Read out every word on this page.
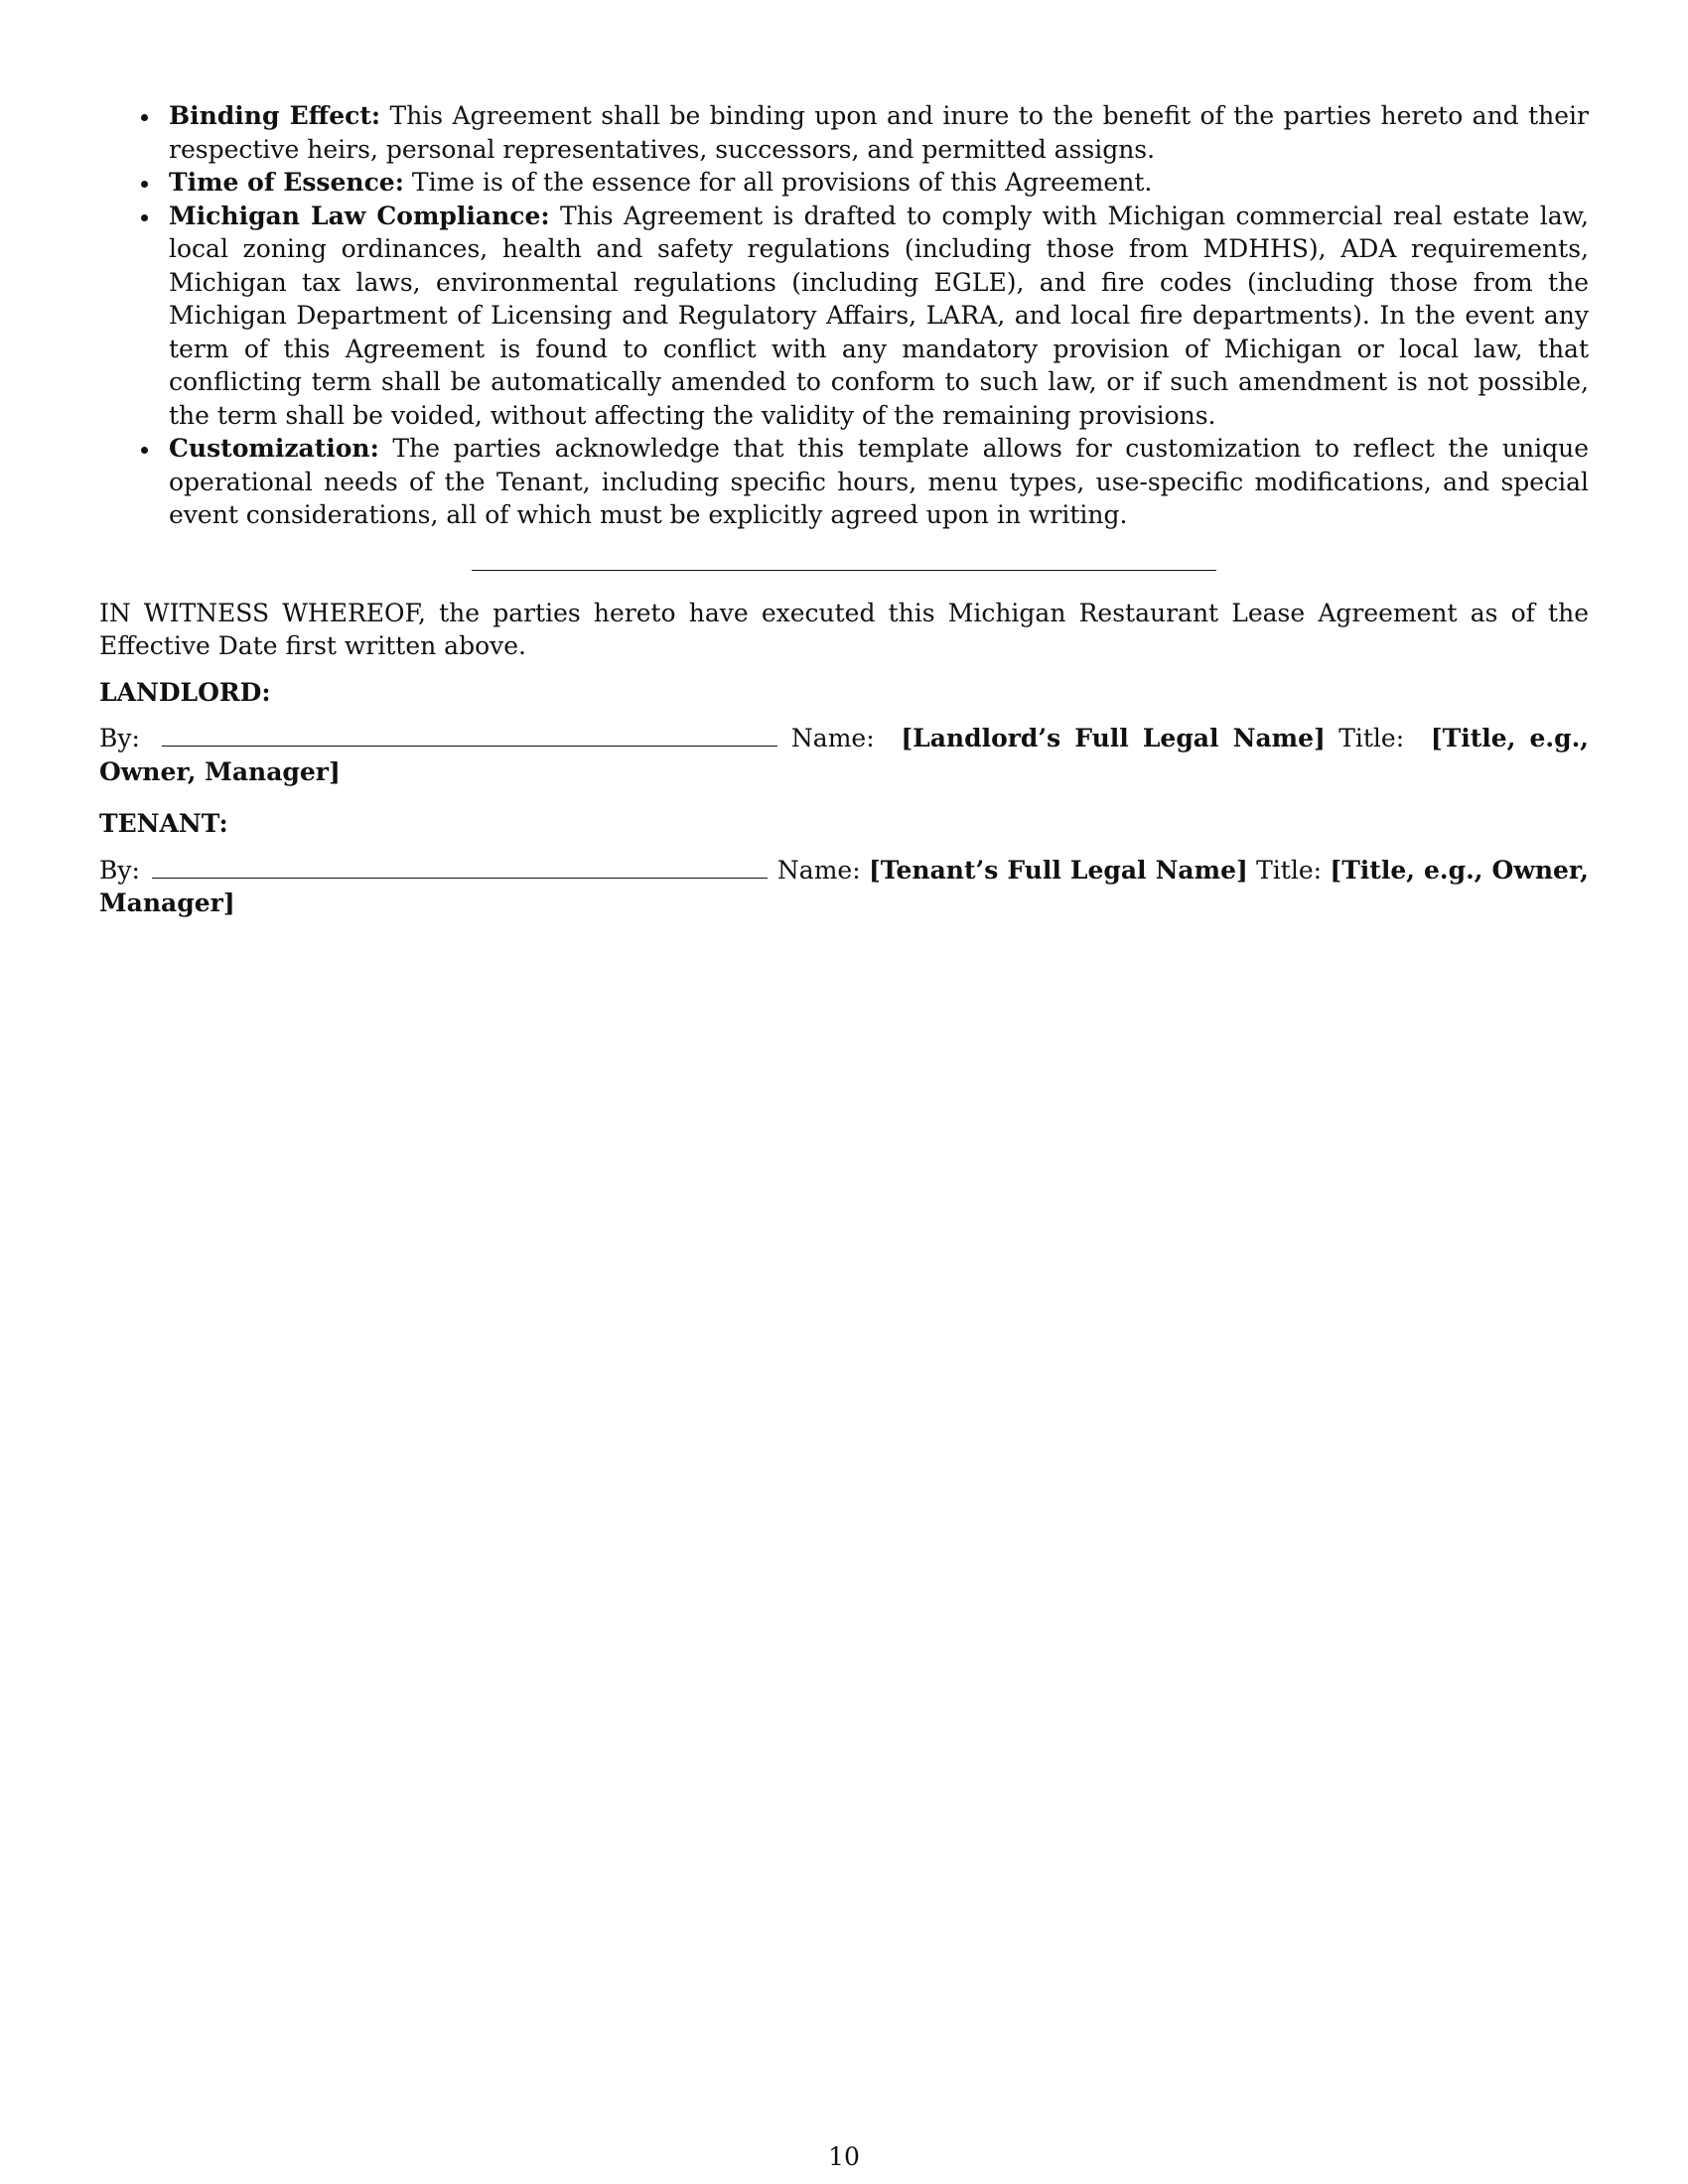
Binding Effect: This Agreement shall be binding upon and inure to the benefit of the parties hereto and their respective heirs, personal representatives, successors, and permitted assigns.
Time of Essence: Time is of the essence for all provisions of this Agreement.
Michigan Law Compliance: This Agreement is drafted to comply with Michigan commercial real estate law, local zoning ordinances, health and safety regulations (including those from MDHHS), ADA requirements, Michigan tax laws, environmental regulations (including EGLE), and fire codes (including those from the Michigan Department of Licensing and Regulatory Affairs, LARA, and local fire departments). In the event any term of this Agreement is found to conflict with any mandatory provision of Michigan or local law, that conflicting term shall be automatically amended to conform to such law, or if such amendment is not possible, the term shall be voided, without affecting the validity of the remaining provisions.
Customization: The parties acknowledge that this template allows for customization to reflect the unique operational needs of the Tenant, including specific hours, menu types, use-specific modifications, and special event considerations, all of which must be explicitly agreed upon in writing.

IN WITNESS WHEREOF, the parties hereto have executed this Michigan Restaurant Lease Agreement as of the Effective Date first written above.

LANDLORD:

By:	Name: [Landlord’s Full Legal Name] Title: [Title, e.g., Owner, Manager]

TENANT:

By:	Name: [Tenant’s Full Legal Name] Title: [Title, e.g., Owner, Manager]

10
